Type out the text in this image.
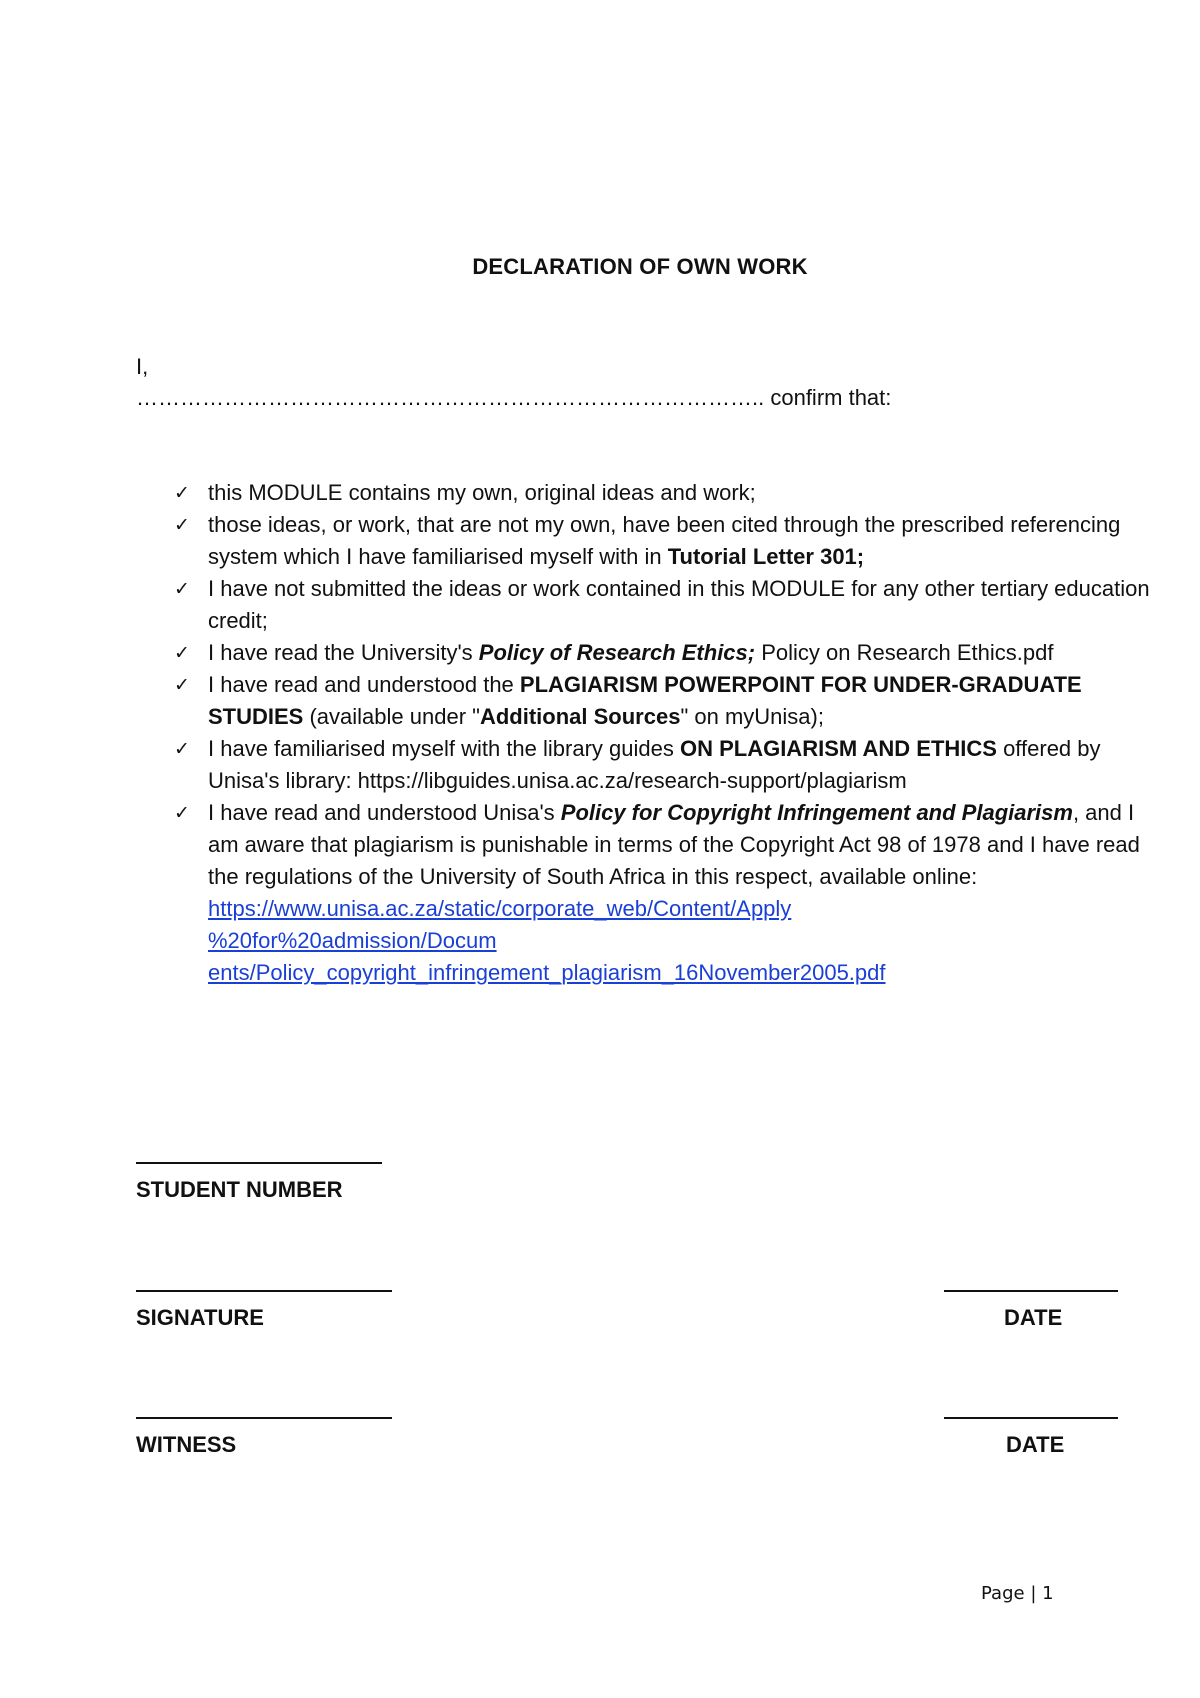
DECLARATION OF OWN WORK
I,
………………………………………………………………………….. confirm that:
✓ this MODULE contains my own, original ideas and work;
✓ those ideas, or work, that are not my own, have been cited through the prescribed referencing system which I have familiarised myself with in Tutorial Letter 301;
✓ I have not submitted the ideas or work contained in this MODULE for any other tertiary education credit;
✓ I have read the University's Policy of Research Ethics; Policy on Research Ethics.pdf
✓ I have read and understood the PLAGIARISM POWERPOINT FOR UNDER-GRADUATE STUDIES (available under "Additional Sources" on myUnisa);
✓ I have familiarised myself with the library guides ON PLAGIARISM AND ETHICS offered by Unisa's library: https://libguides.unisa.ac.za/research-support/plagiarism
✓ I have read and understood Unisa's Policy for Copyright Infringement and Plagiarism, and I am aware that plagiarism is punishable in terms of the Copyright Act 98 of 1978 and I have read the regulations of the University of South Africa in this respect, available online: https://www.unisa.ac.za/static/corporate_web/Content/Apply
%20for%20admission/Docum
ents/Policy_copyright_infringement_plagiarism_16November2005.pdf
STUDENT NUMBER
SIGNATURE	DATE
WITNESS	DATE
Page | 1
